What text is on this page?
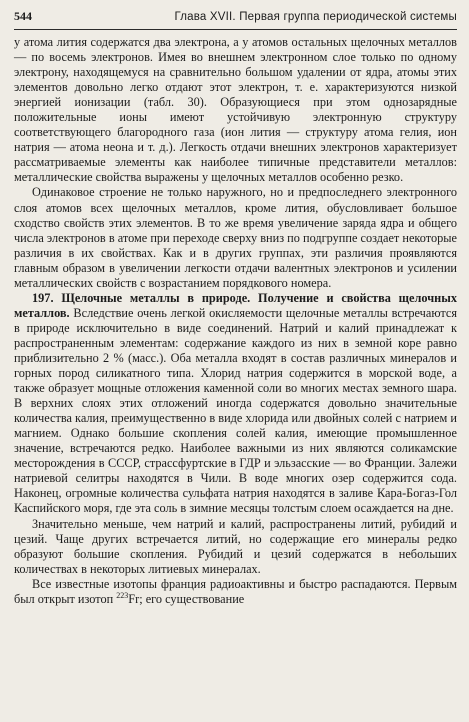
544	Глава XVII. Первая группа периодической системы

у атома лития содержатся два электрона, а у атомов остальных щелочных металлов — по восемь электронов. Имея во внешнем электронном слое только по одному электрону, находящемуся на сравнительно большом удалении от ядра, атомы этих элементов довольно легко отдают этот электрон, т. е. характеризуются низкой энергией ионизации (табл. 30). Образующиеся при этом однозарядные положительные ионы имеют устойчивую электронную структуру соответствующего благородного газа (ион лития — структуру атома гелия, ион натрия — атома неона и т. д.). Легкость отдачи внешних электронов характеризует рассматриваемые элементы как наиболее типичные представители металлов: металлические свойства выражены у щелочных металлов особенно резко.

Одинаковое строение не только наружного, но и предпоследнего электронного слоя атомов всех щелочных металлов, кроме лития, обусловливает большое сходство свойств этих элементов. В то же время увеличение заряда ядра и общего числа электронов в атоме при переходе сверху вниз по подгруппе создает некоторые различия в их свойствах. Как и в других группах, эти различия проявляются главным образом в увеличении легкости отдачи валентных электронов и усилении металлических свойств с возрастанием порядкового номера.

197. Щелочные металлы в природе. Получение и свойства щелочных металлов. Вследствие очень легкой окисляемости щелочные металлы встречаются в природе исключительно в виде соединений. Натрий и калий принадлежат к распространенным элементам: содержание каждого из них в земной коре равно приблизительно 2 % (масс.). Оба металла входят в состав различных минералов и горных пород силикатного типа. Хлорид натрия содержится в морской воде, а также образует мощные отложения каменной соли во многих местах земного шара. В верхних слоях этих отложений иногда содержатся довольно значительные количества калия, преимущественно в виде хлорида или двойных солей с натрием и магнием. Однако большие скопления солей калия, имеющие промышленное значение, встречаются редко. Наиболее важными из них являются соликамские месторождения в СССР, страссфуртские в ГДР и эльзасские — во Франции. Залежи натриевой селитры находятся в Чили. В воде многих озер содержится сода. Наконец, огромные количества сульфата натрия находятся в заливе Кара-Богаз-Гол Каспийского моря, где эта соль в зимние месяцы толстым слоем осаждается на дне.

Значительно меньше, чем натрий и калий, распространены литий, рубидий и цезий. Чаще других встречается литий, но содержащие его минералы редко образуют большие скопления. Рубидий и цезий содержатся в небольших количествах в некоторых литиевых минералах.

Все известные изотопы франция радиоактивны и быстро распадаются. Первым был открыт изотоп $^{223}$Fr; его существование
